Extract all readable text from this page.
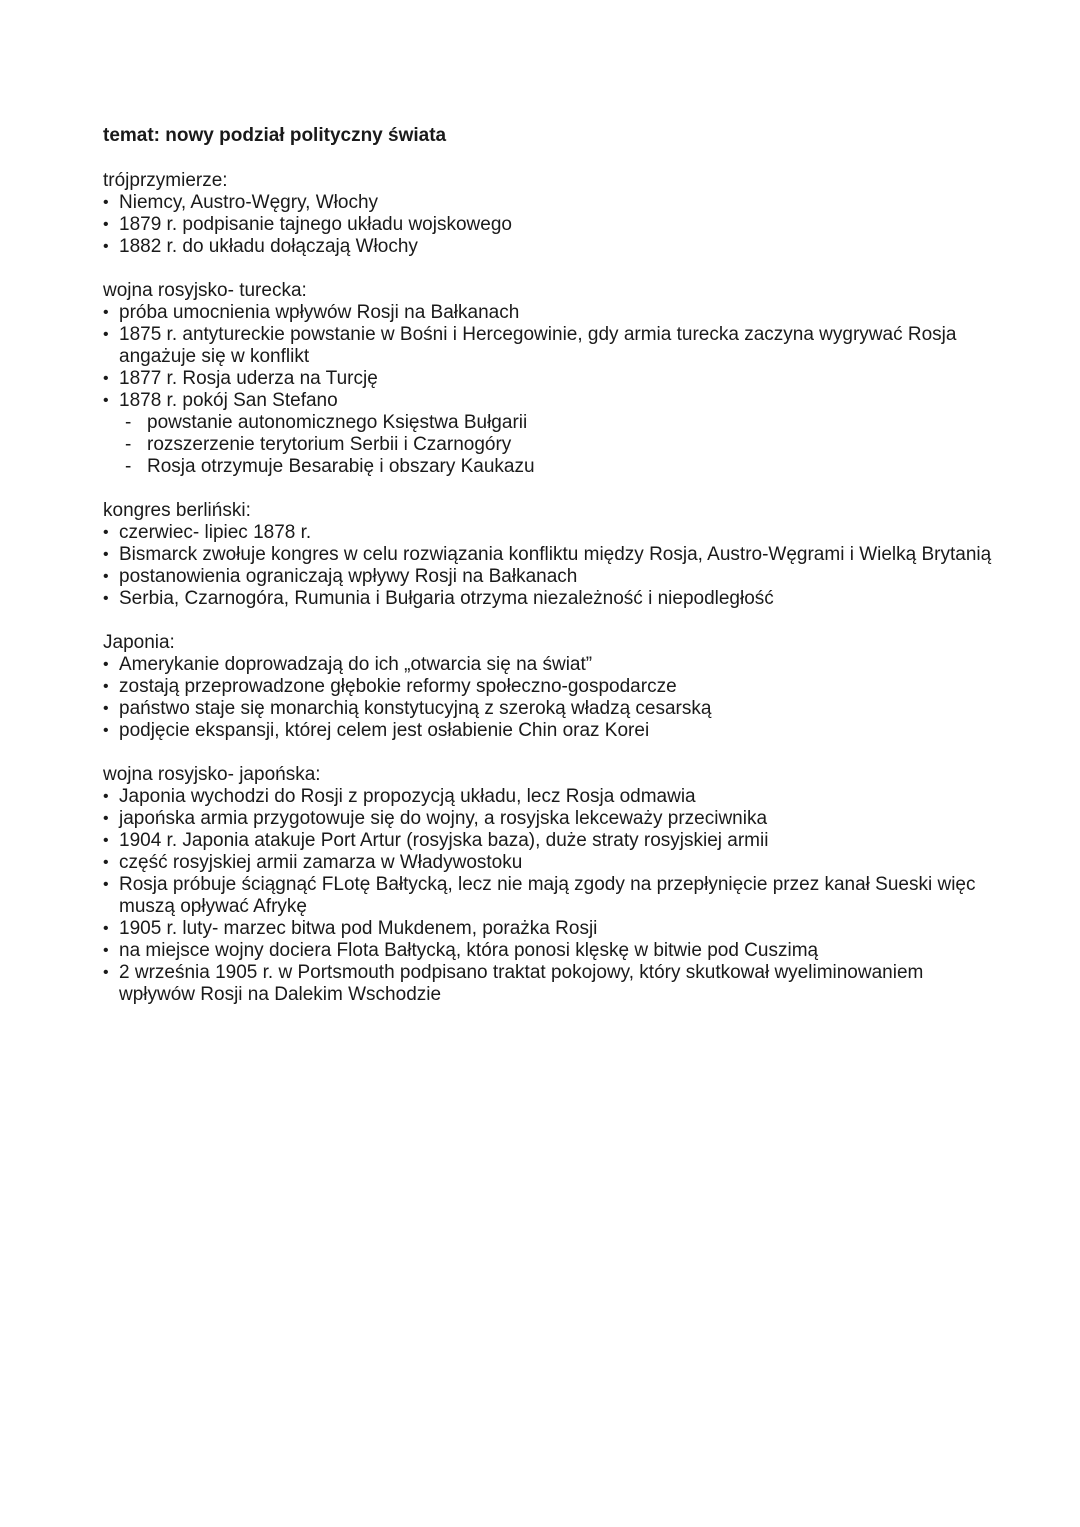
temat: nowy podział polityczny świata
trójprzymierze:
• Niemcy, Austro-Węgry, Włochy
• 1879 r. podpisanie tajnego układu wojskowego
• 1882 r. do układu dołączają Włochy
wojna rosyjsko- turecka:
• próba umocnienia wpływów Rosji na Bałkanach
• 1875 r. antytureckie powstanie w Bośni i Hercegowinie, gdy armia turecka zaczyna wygrywać Rosja angażuje się w konflikt
• 1877 r. Rosja uderza na Turcję
• 1878 r. pokój San Stefano
- powstanie autonomicznego Księstwa Bułgarii
- rozszerzenie terytorium Serbii i Czarnogóry
- Rosja otrzymuje Besarabię i obszary Kaukazu
kongres berliński:
• czerwiec- lipiec 1878 r.
• Bismarck zwołuje kongres w celu rozwiązania konfliktu między Rosja, Austro-Węgrami i Wielką Brytanią
• postanowienia ograniczają wpływy Rosji na Bałkanach
• Serbia, Czarnogóra, Rumunia i Bułgaria otrzyma niezależność i niepodległość
Japonia:
• Amerykanie doprowadzają do ich „otwarcia się na świat”
• zostają przeprowadzone głębokie reformy społeczno-gospodarcze
• państwo staje się monarchią konstytucyjną z szeroką władzą cesarską
• podjęcie ekspansji, której celem jest osłabienie Chin oraz Korei
wojna rosyjsko- japońska:
• Japonia wychodzi do Rosji z propozycją układu, lecz Rosja odmawia
• japońska armia przygotowuje się do wojny, a rosyjska lekceważy przeciwnika
• 1904 r. Japonia atakuje Port Artur (rosyjska baza), duże straty rosyjskiej armii
• część rosyjskiej armii zamarza w Władywostoku
• Rosja próbuje ściągnąć FLotę Bałtycką, lecz nie mają zgody na przepłynięcie przez kanał Sueski więc muszą opływać Afrykę
• 1905 r. luty- marzec bitwa pod Mukdenem, porażka Rosji
• na miejsce wojny dociera Flota Bałtycką, która ponosi klęskę w bitwie pod Cuszimą
• 2 września 1905 r. w Portsmouth podpisano traktat pokojowy, który skutkował wyeliminowaniem wpływów Rosji na Dalekim Wschodzie
